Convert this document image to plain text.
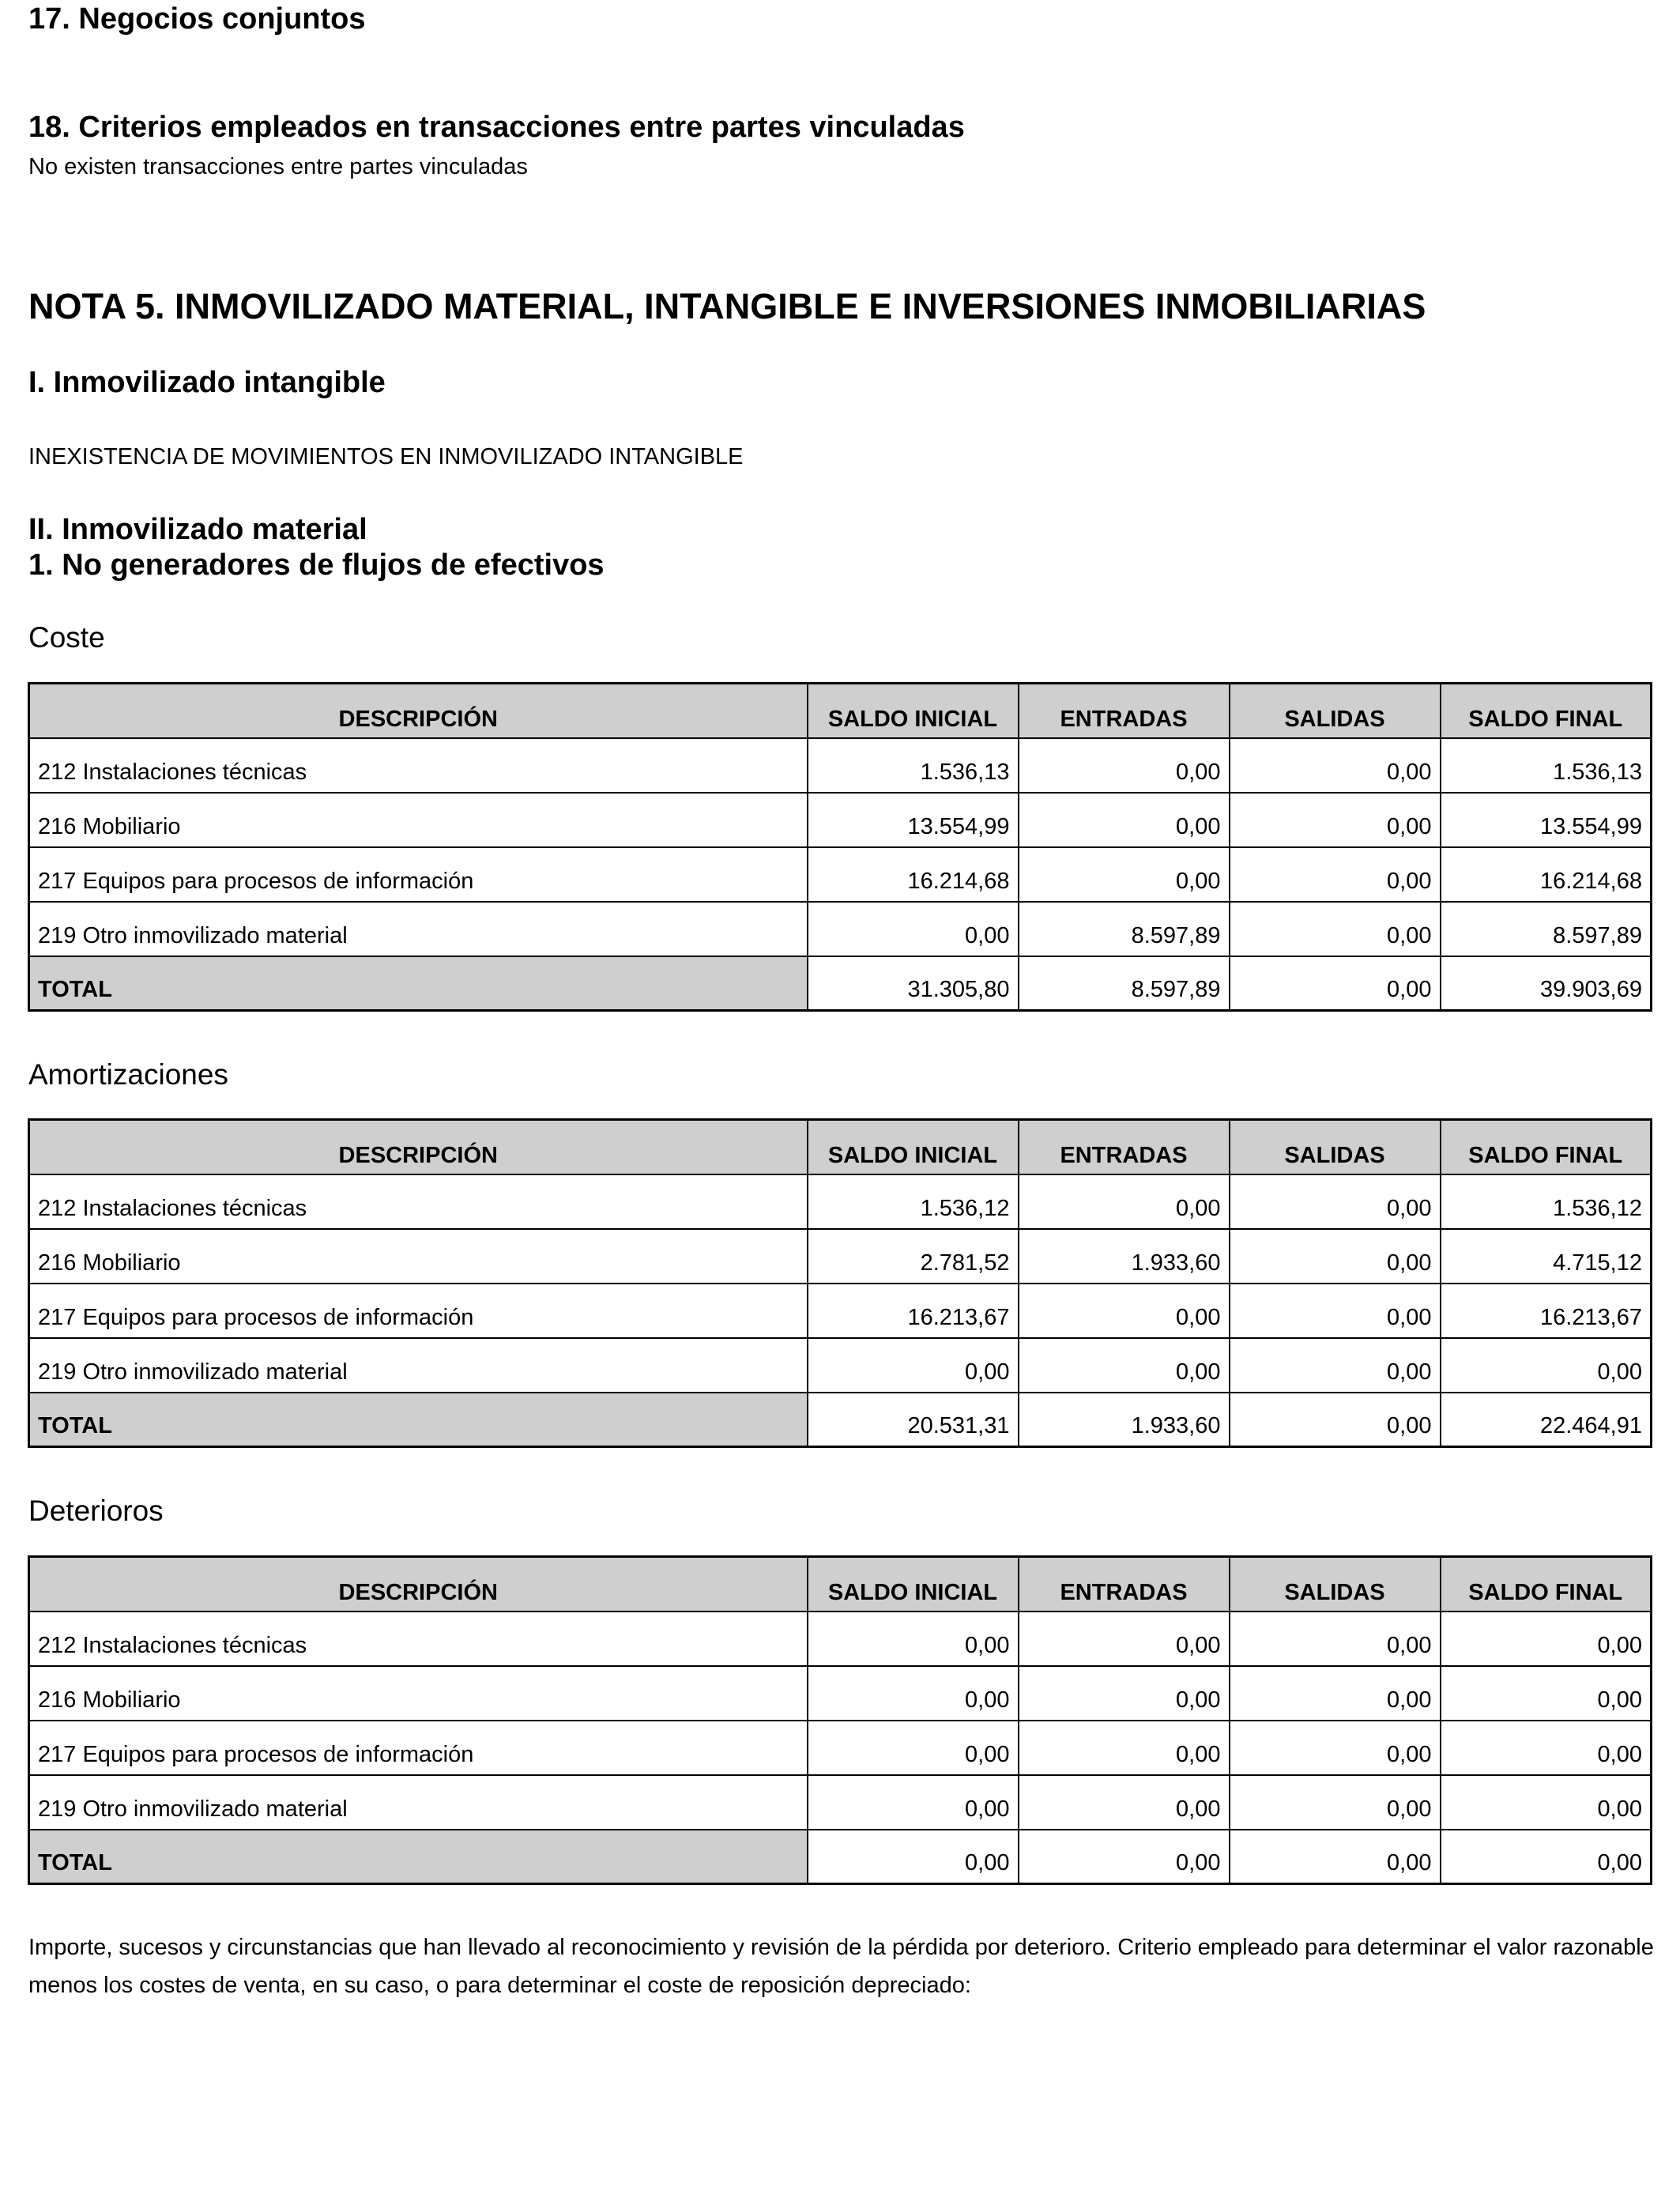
17. Negocios conjuntos
18. Criterios empleados en transacciones entre partes vinculadas

No existen transacciones entre partes vinculadas

NOTA 5. INMOVILIZADO MATERIAL, INTANGIBLE E INVERSIONES INMOBILIARIAS
I. Inmovilizado intangible

INEXISTENCIA DE MOVIMIENTOS EN INMOVILIZADO INTANGIBLE

II. Inmovilizado material
1. No generadores de flujos de efectivos

Coste

DESCRIPCIÓN	SALDO INICIAL	ENTRADAS	SALIDAS	SALDO FINAL
212 Instalaciones técnicas	1.536,13	0,00	0,00	1.536,13
216 Mobiliario	13.554,99	0,00	0,00	13.554,99
217 Equipos para procesos de información	16.214,68	0,00	0,00	16.214,68
219 Otro inmovilizado material	0,00	8.597,89	0,00	8.597,89
TOTAL	31.305,80	8.597,89	0,00	39.903,69

Amortizaciones

DESCRIPCIÓN	SALDO INICIAL	ENTRADAS	SALIDAS	SALDO FINAL
212 Instalaciones técnicas	1.536,12	0,00	0,00	1.536,12
216 Mobiliario	2.781,52	1.933,60	0,00	4.715,12
217 Equipos para procesos de información	16.213,67	0,00	0,00	16.213,67
219 Otro inmovilizado material	0,00	0,00	0,00	0,00
TOTAL	20.531,31	1.933,60	0,00	22.464,91

Deterioros

DESCRIPCIÓN	SALDO INICIAL	ENTRADAS	SALIDAS	SALDO FINAL
212 Instalaciones técnicas	0,00	0,00	0,00	0,00
216 Mobiliario	0,00	0,00	0,00	0,00
217 Equipos para procesos de información	0,00	0,00	0,00	0,00
219 Otro inmovilizado material	0,00	0,00	0,00	0,00
TOTAL	0,00	0,00	0,00	0,00

Importe, sucesos y circunstancias que han llevado al reconocimiento y revisión de la pérdida por deterioro. Criterio empleado para determinar el valor razonable menos los costes de venta, en su caso, o para determinar el coste de reposición depreciado:
